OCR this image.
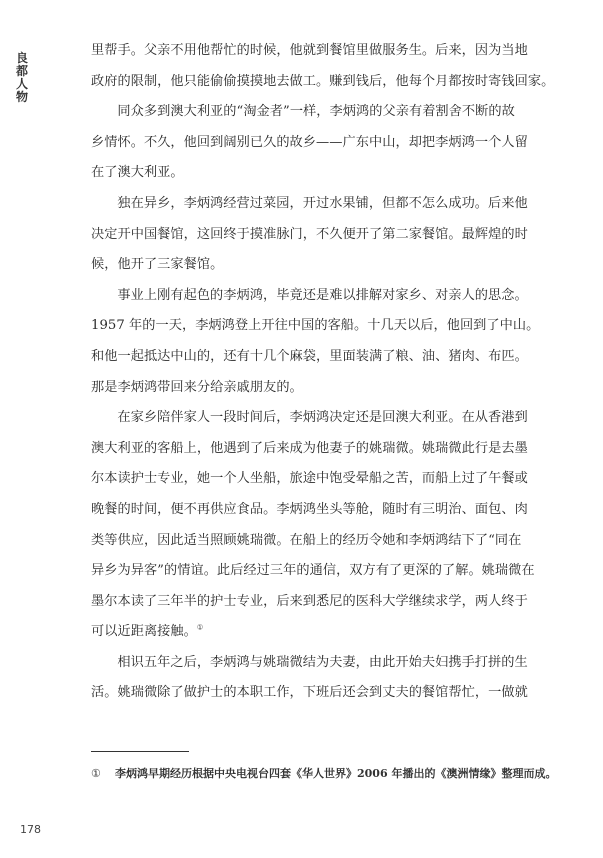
良
都
人
物

里帮手。父亲不用他帮忙的时候，他就到餐馆里做服务生。后来，因为当地
政府的限制，他只能偷偷摸摸地去做工。赚到钱后，他每个月都按时寄钱回家。

同众多到澳大利亚的“淘金者”一样，李炳鸿的父亲有着割舍不断的故
乡情怀。不久，他回到阔别已久的故乡——广东中山，却把李炳鸿一个人留
在了澳大利亚。

独在异乡，李炳鸿经营过菜园，开过水果铺，但都不怎么成功。后来他
决定开中国餐馆，这回终于摸准脉门，不久便开了第二家餐馆。最辉煌的时
候，他开了三家餐馆。

事业上刚有起色的李炳鸿，毕竟还是难以排解对家乡、对亲人的思念。
1957 年的一天，李炳鸿登上开往中国的客船。十几天以后，他回到了中山。
和他一起抵达中山的，还有十几个麻袋，里面装满了粮、油、猪肉、布匹。
那是李炳鸿带回来分给亲戚朋友的。

在家乡陪伴家人一段时间后，李炳鸿决定还是回澳大利亚。在从香港到
澳大利亚的客船上，他遇到了后来成为他妻子的姚瑞微。姚瑞微此行是去墨
尔本读护士专业，她一个人坐船，旅途中饱受晕船之苦，而船上过了午餐或
晚餐的时间，便不再供应食品。李炳鸿坐头等舱，随时有三明治、面包、肉
类等供应，因此适当照顾姚瑞微。在船上的经历令她和李炳鸿结下了“同在
异乡为异客”的情谊。此后经过三年的通信，双方有了更深的了解。姚瑞微在
墨尔本读了三年半的护士专业，后来到悉尼的医科大学继续求学，两人终于
可以近距离接触。①

相识五年之后，李炳鸿与姚瑞微结为夫妻，由此开始夫妇携手打拼的生
活。姚瑞微除了做护士的本职工作，下班后还会到丈夫的餐馆帮忙，一做就

① 李炳鸿早期经历根据中央电视台四套《华人世界》2006 年播出的《澳洲情缘》整理而成。
178
